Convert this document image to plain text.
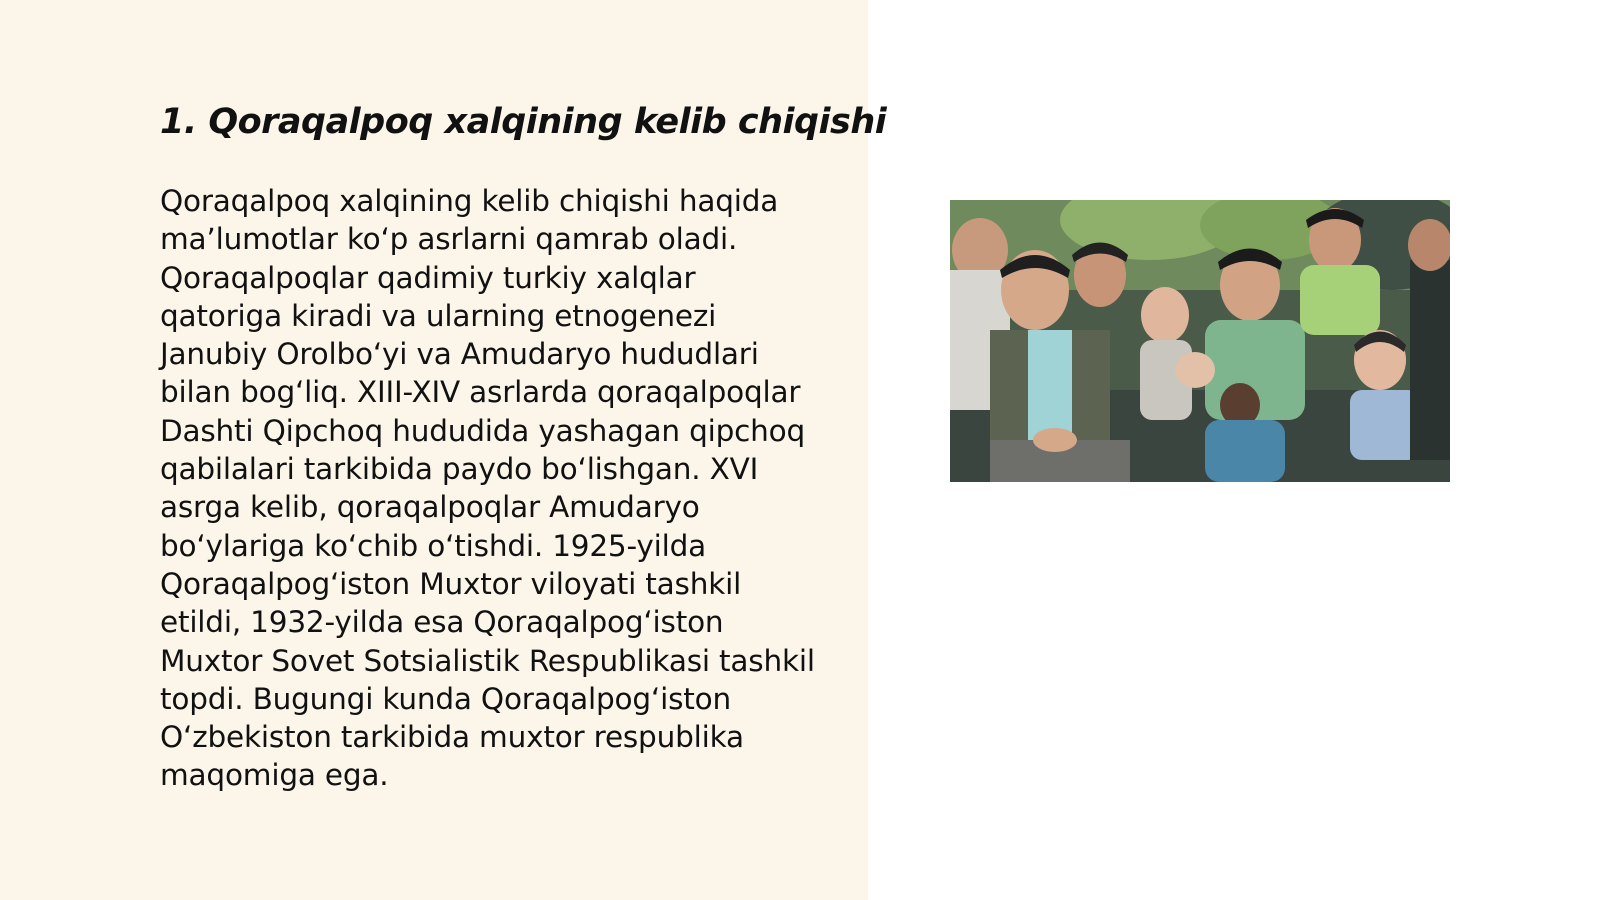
1. Qoraqalpoq xalqining kelib chiqishi
Qoraqalpoq xalqining kelib chiqishi haqida
ma’lumotlar ko‘p asrlarni qamrab oladi.
Qoraqalpoqlar qadimiy turkiy xalqlar
qatoriga kiradi va ularning etnogenezi
Janubiy Orolbo‘yi va Amudaryo hududlari
bilan bog‘liq. XIII-XIV asrlarda qoraqalpoqlar
Dashti Qipchoq hududida yashagan qipchoq
qabilalari tarkibida paydo bo‘lishgan. XVI
asrga kelib, qoraqalpoqlar Amudaryo
bo‘ylariga ko‘chib o‘tishdi. 1925-yilda
Qoraqalpog‘iston Muxtor viloyati tashkil
etildi, 1932-yilda esa Qoraqalpog‘iston
Muxtor Sovet Sotsialistik Respublikasi tashkil
topdi. Bugungi kunda Qoraqalpog‘iston
O‘zbekiston tarkibida muxtor respublika
maqomiga ega.
